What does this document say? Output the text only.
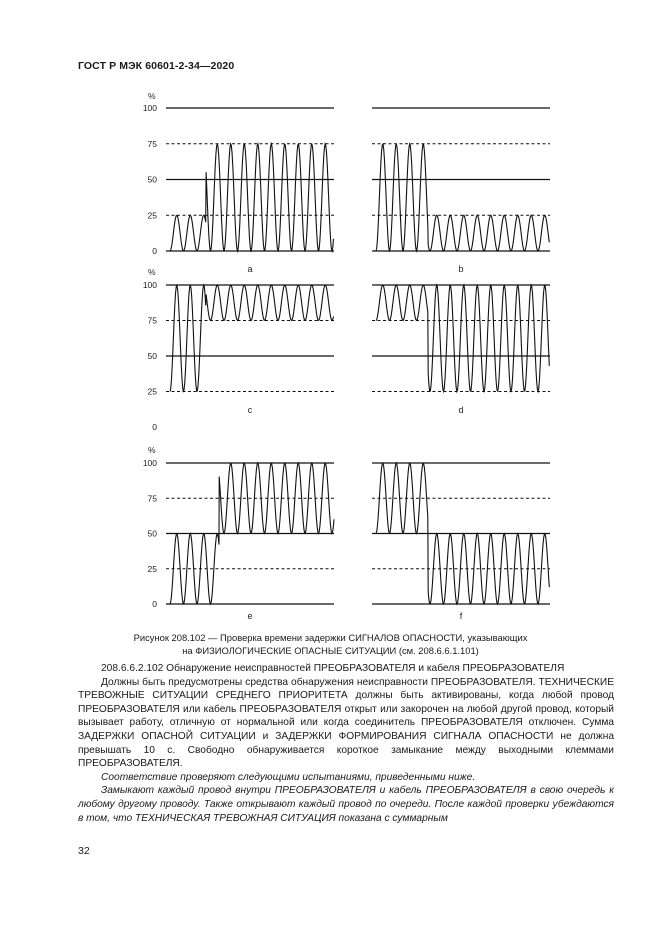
ГОСТ Р МЭК 60601-2-34—2020
a
%
100
75
50
25
0
b
c
%
100
75
50
25
d
e
%
0
100
75
50
25
0
f
Рисунок 208.102 — Проверка времени задержки СИГНАЛОВ ОПАСНОСТИ, указывающих
на ФИЗИОЛОГИЧЕСКИЕ ОПАСНЫЕ СИТУАЦИИ (см. 208.6.6.1.101)

208.6.6.2.102 Обнаружение неисправностей ПРЕОБРАЗОВАТЕЛЯ и кабеля ПРЕОБРАЗОВАТЕЛЯ

Должны быть предусмотрены средства обнаружения неисправности ПРЕОБРАЗОВАТЕЛЯ. ТЕХНИЧЕСКИЕ ТРЕВОЖНЫЕ СИТУАЦИИ СРЕДНЕГО ПРИОРИТЕТА должны быть активированы, когда любой провод ПРЕОБРАЗОВАТЕЛЯ или кабель ПРЕОБРАЗОВАТЕЛЯ открыт или закорочен на любой другой провод, который вызывает работу, отличную от нормальной или когда соединитель ПРЕОБРАЗОВАТЕЛЯ отключен. Сумма ЗАДЕРЖКИ ОПАСНОЙ СИТУАЦИИ и ЗАДЕРЖКИ ФОРМИРОВАНИЯ СИГНАЛА ОПАСНОСТИ не должна превышать 10 с. Свободно обнаруживается короткое замыкание между выходными клеммами ПРЕОБРАЗОВАТЕЛЯ.

Соответствие проверяют следующими испытаниями, приведенными ниже.

Замыкают каждый провод внутри ПРЕОБРАЗОВАТЕЛЯ и кабель ПРЕОБРАЗОВАТЕЛЯ в свою очередь к любому другому проводу. Также открывают каждый провод по очереди. После каждой проверки убеждаются в том, что ТЕХНИЧЕСКАЯ ТРЕВОЖНАЯ СИТУАЦИЯ показана с суммарным

32
